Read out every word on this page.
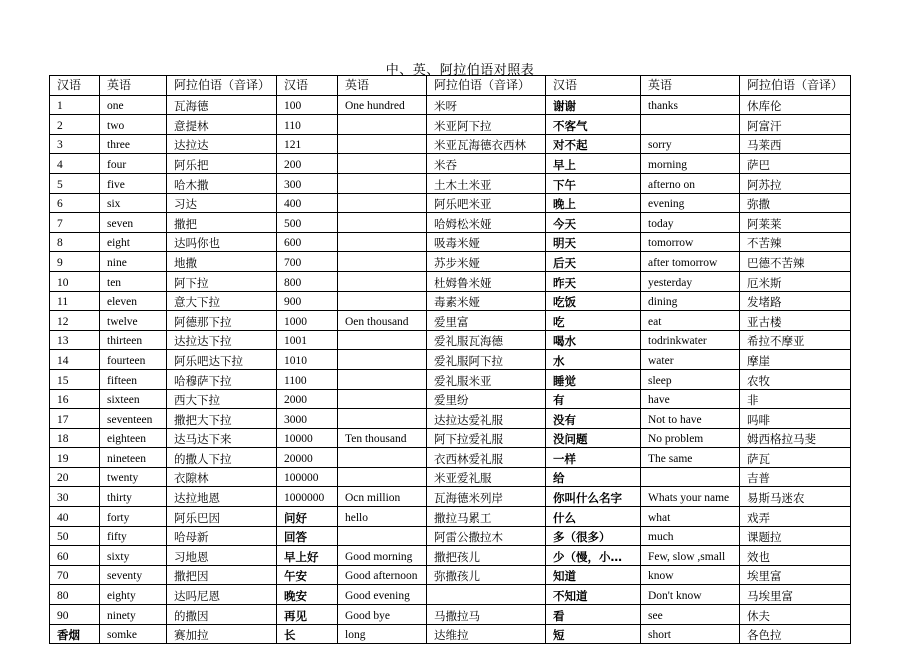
中、英、阿拉伯语对照表
汉语	英语	阿拉伯语（音译）	汉语	英语	阿拉伯语（音译）	汉语	英语	阿拉伯语（音译）
1	one	瓦海德	100	One hundred	米呀	谢谢	thanks	休库伦
2	two	意提林	110		米亚阿下拉	不客气		阿富汗
3	three	达拉达	121		米亚瓦海德衣西林	对不起	sorry	马莱西
4	four	阿乐把	200		米吞	早上	morning	萨巴
5	five	哈木撒	300		土木土米亚	下午	afterno on	阿苏拉
6	six	习达	400		阿乐吧米亚	晚上	evening	弥撒
7	seven	撒把	500		哈姆松米娅	今天	today	阿莱莱
8	eight	达吗你也	600		吸毒米娅	明天	tomorrow	不苦辣
9	nine	地撒	700		苏步米娅	后天	after tomorrow	巴德不苦辣
10	ten	阿下拉	800		杜姆鲁米娅	昨天	yesterday	厄米斯
11	eleven	意大下拉	900		毒素米娅	吃饭	dining	发堵路
12	twelve	阿德那下拉	1000	Oen thousand	爱里富	吃	eat	亚古楼
13	thirteen	达拉达下拉	1001		爱礼服瓦海德	喝水	todrinkwater	希拉不摩亚
14	fourteen	阿乐吧达下拉	1010		爱礼服阿下拉	水	water	摩崖
15	fifteen	哈穆萨下拉	1100		爱礼服米亚	睡觉	sleep	农牧
16	sixteen	西大下拉	2000		爱里纷	有	have	非
17	seventeen	撒把大下拉	3000		达拉达爱礼服	没有	Not to have	吗啡
18	eighteen	达马达下来	10000	Ten thousand	阿下拉爱礼服	没问题	No problem	姆西格拉马斐
19	nineteen	的撒人下拉	20000		衣西林爱礼服	一样	The same	萨瓦
20	twenty	衣隙林	100000		米亚爱礼服	给		吉普
30	thirty	达拉地恩	1000000	Ocn million	瓦海德米列岸	你叫什么名字	Whats your name	易斯马迷农
40	forty	阿乐巴因	问好	hello	撒拉马累工	什么	what	戏弄
50	fifty	哈母新	回答		阿雷公撒拉木	多（很多）	much	课题拉
60	sixty	习地恩	早上好	Good morning	撒把孩儿	少（慢，小…	Few, slow ,small	效也
70	seventy	撒把因	午安	Good afternoon	弥撒孩儿	知道	know	埃里富
80	eighty	达吗尼恩	晚安	Good evening		不知道	Don't know	马埃里富
90	ninety	的撒因	再见	Good bye	马撒拉马	看	see	休夫
香烟	somke	赛加拉	长	long	达维拉	短	short	各色拉
